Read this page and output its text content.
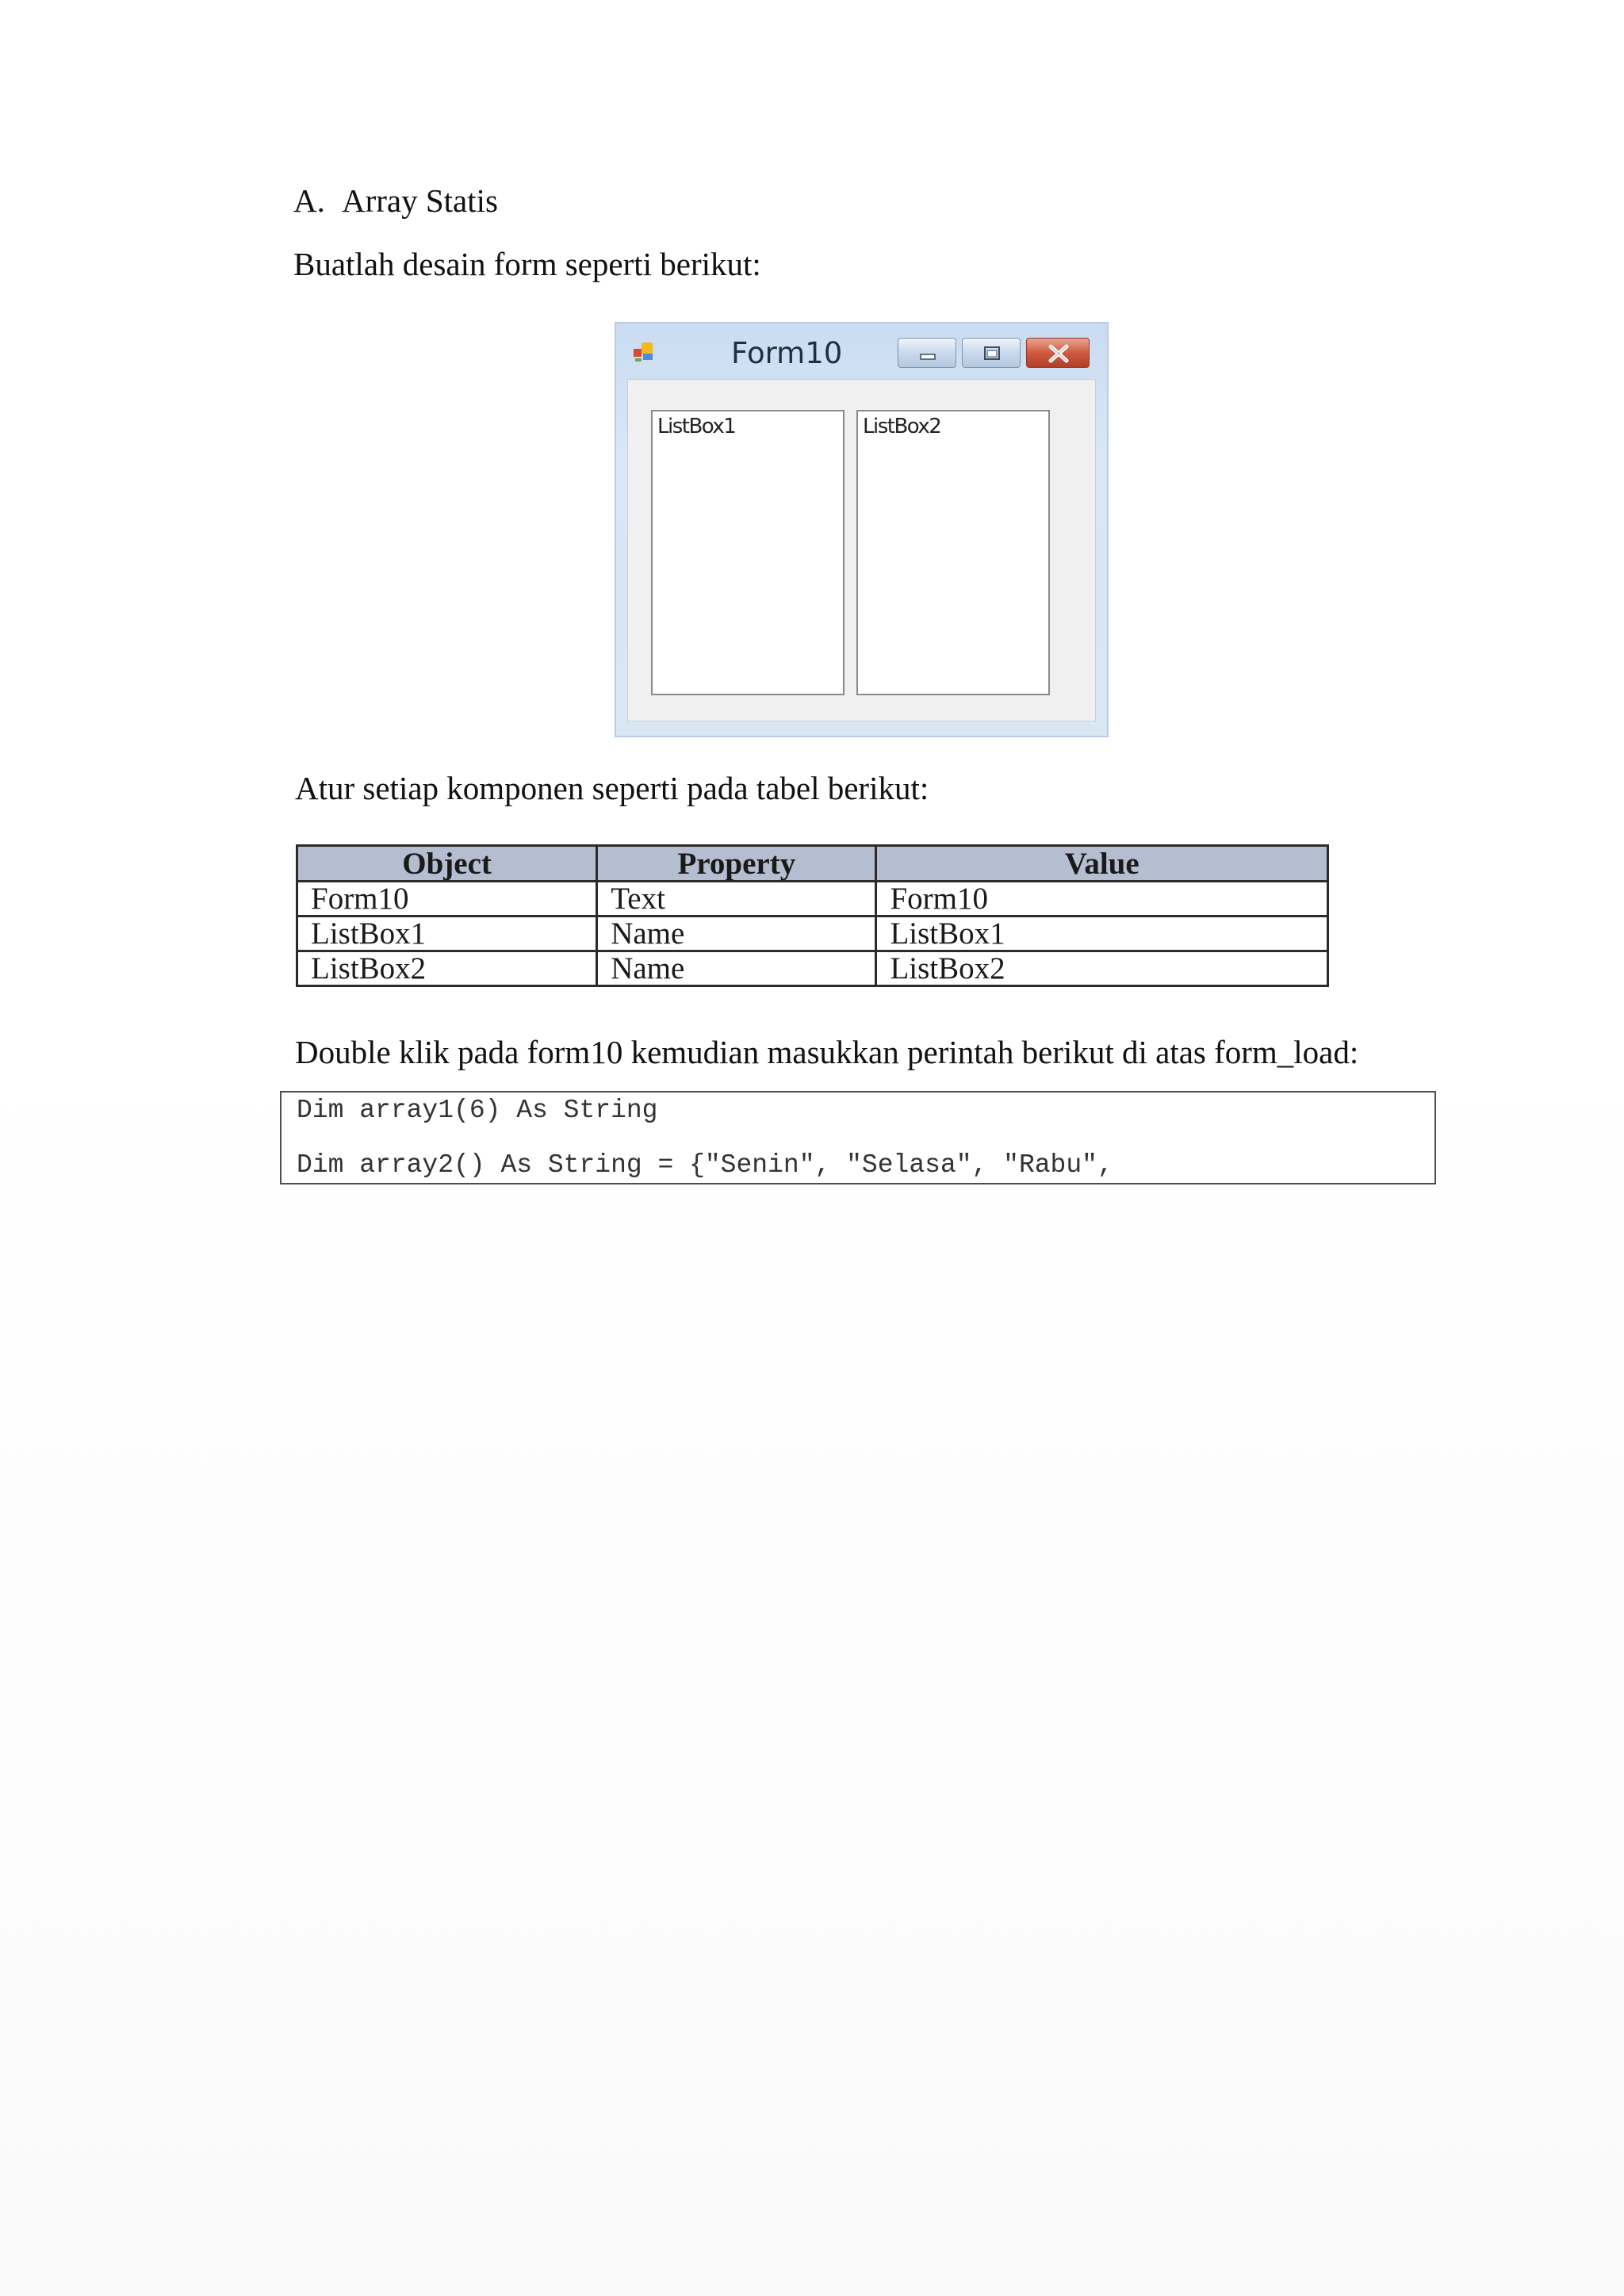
A. Array Statis
Buatlah desain form seperti berikut:
Form10
ListBox1	ListBox2
Atur setiap komponen seperti pada tabel berikut:
Object	Property	Value
Form10	Text	Form10
ListBox1	Name	ListBox1
ListBox2	Name	ListBox2
Double klik pada form10 kemudian masukkan perintah berikut di atas form_load:
Dim array1(6) As String
Dim array2() As String = {"Senin", "Selasa", "Rabu",
